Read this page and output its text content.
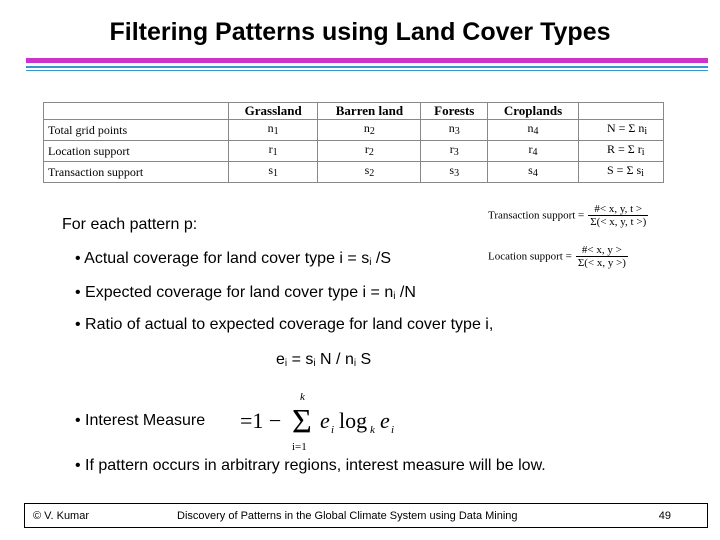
Filtering Patterns using Land Cover Types
	Grassland	Barren land	Forests	Croplands	
Total grid points	$n_1$	$n_2$	$n_3$	$n_4$	N = Σ $n_i$
Location support	$r_1$	$r_2$	$r_3$	$r_4$	R = Σ $r_i$
Transaction support	$s_1$	$s_2$	$s_3$	$s_4$	S = Σ $s_i$
Transaction support = $\frac{\#< x, y, t >}{\Sigma(< x, y, t >)}$
Location support = $\frac{\#< x, y >}{\Sigma(< x, y >)}$
For each pattern p:
• Actual coverage for land cover type $i = s_i$ /S
• Expected coverage for land cover type $i = n_i$ /N
• Ratio of actual to expected coverage for land cover type i,
$e_i = s_i$ N / $n_i$ S
• Interest Measure =1 − Σ
k
i=1
e i log k e i
• If pattern occurs in arbitrary regions, interest measure will be low.
© V. Kumar	Discovery of Patterns in the Global Climate System using Data Mining	49
